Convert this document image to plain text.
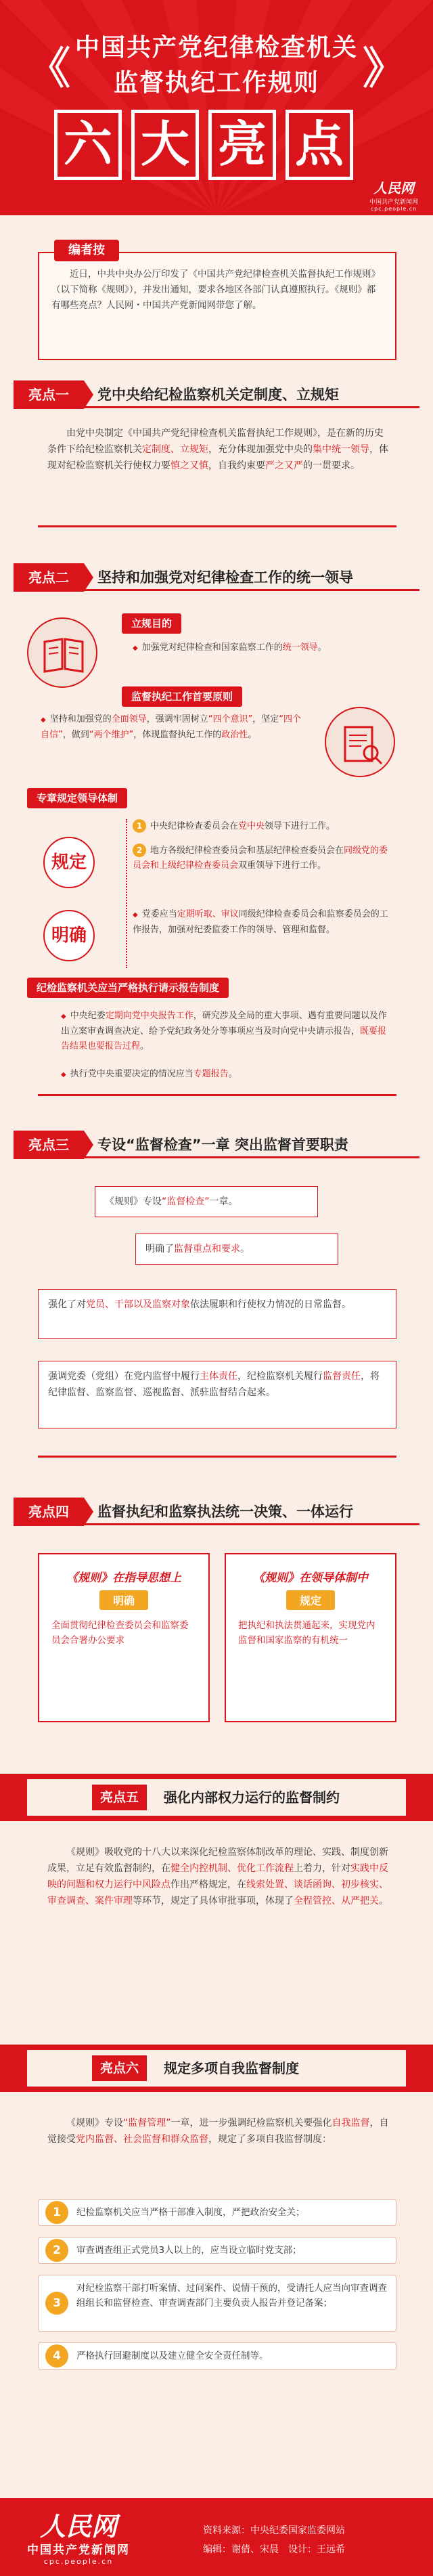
《	》
中国共产党纪律检查机关
监督执纪工作规则
六 大 亮 点
人民网
中国共产党新闻网
cpc.people.cn
编者按
近日，中共中央办公厅印发了《中国共产党纪律检查机关监督执纪工作规则》（以下简称《规则》），并发出通知，要求各地区各部门认真遵照执行。《规则》都有哪些亮点？人民网・中国共产党新闻网带您了解。
亮点一	党中央给纪检监察机关定制度、立规矩
由党中央制定《中国共产党纪律检查机关监督执纪工作规则》，是在新的历史条件下给纪检监察机关定制度、立规矩，充分体现加强党中央的集中统一领导，体现对纪检监察机关行使权力要慎之又慎，自我约束要严之又严的一贯要求。
亮点二	坚持和加强党对纪律检查工作的统一领导
立规目的
◆ 加强党对纪律检查和国家监察工作的统一领导。
监督执纪工作首要原则
◆ 坚持和加强党的全面领导，强调牢固树立“四个意识”，坚定“四个自信”，做到“两个维护”，体现监督执纪工作的政治性。
专章规定领导体制
规定
1 中央纪律检查委员会在党中央领导下进行工作。
2 地方各级纪律检查委员会和基层纪律检查委员会在同级党的委员会和上级纪律检查委员会双重领导下进行工作。
明确
◆ 党委应当定期听取、审议同级纪律检查委员会和监察委员会的工作报告，加强对纪委监委工作的领导、管理和监督。
纪检监察机关应当严格执行请示报告制度
◆ 中央纪委定期向党中央报告工作，研究涉及全局的重大事项、遇有重要问题以及作出立案审查调查决定、给予党纪政务处分等事项应当及时向党中央请示报告，既要报告结果也要报告过程。
◆ 执行党中央重要决定的情况应当专题报告。
亮点三	专设“监督检查”一章 突出监督首要职责
《规则》专设“监督检查”一章。
明确了监督重点和要求。
强化了对党员、干部以及监察对象依法履职和行使权力情况的日常监督。
强调党委（党组）在党内监督中履行主体责任，纪检监察机关履行监督责任，将纪律监督、监察监督、巡视监督、派驻监督结合起来。
亮点四	监督执纪和监察执法统一决策、一体运行
《规则》在指导思想上
明确
全面贯彻纪律检查委员会和监察委员会合署办公要求
《规则》在领导体制中
规定
把执纪和执法贯通起来，实现党内监督和国家监察的有机统一
亮点五	强化内部权力运行的监督制约
《规则》吸收党的十八大以来深化纪检监察体制改革的理论、实践、制度创新成果，立足有效监督制约，在健全内控机制、优化工作流程上着力，针对实践中反映的问题和权力运行中风险点作出严格规定，在线索处置、谈话函询、初步核实、审查调查、案件审理等环节，规定了具体审批事项，体现了全程管控、从严把关。
亮点六	规定多项自我监督制度
《规则》专设“监督管理”一章，进一步强调纪检监察机关要强化自我监督，自觉接受党内监督、社会监督和群众监督，规定了多项自我监督制度：
1	纪检监察机关应当严格干部准入制度，严把政治安全关；
2	审查调查组正式党员3人以上的，应当设立临时党支部；
3
对纪检监察干部打听案情、过问案件、说情干预的，受请托人应当向审查调查组组长和监督检查、审查调查部门主要负责人报告并登记备案；
4	严格执行回避制度以及建立健全安全责任制等。
人民网
中国共产党新闻网
cpc.people.cn
资料来源：中央纪委国家监委网站
编辑：谢倩、宋晨　设计：王远希
